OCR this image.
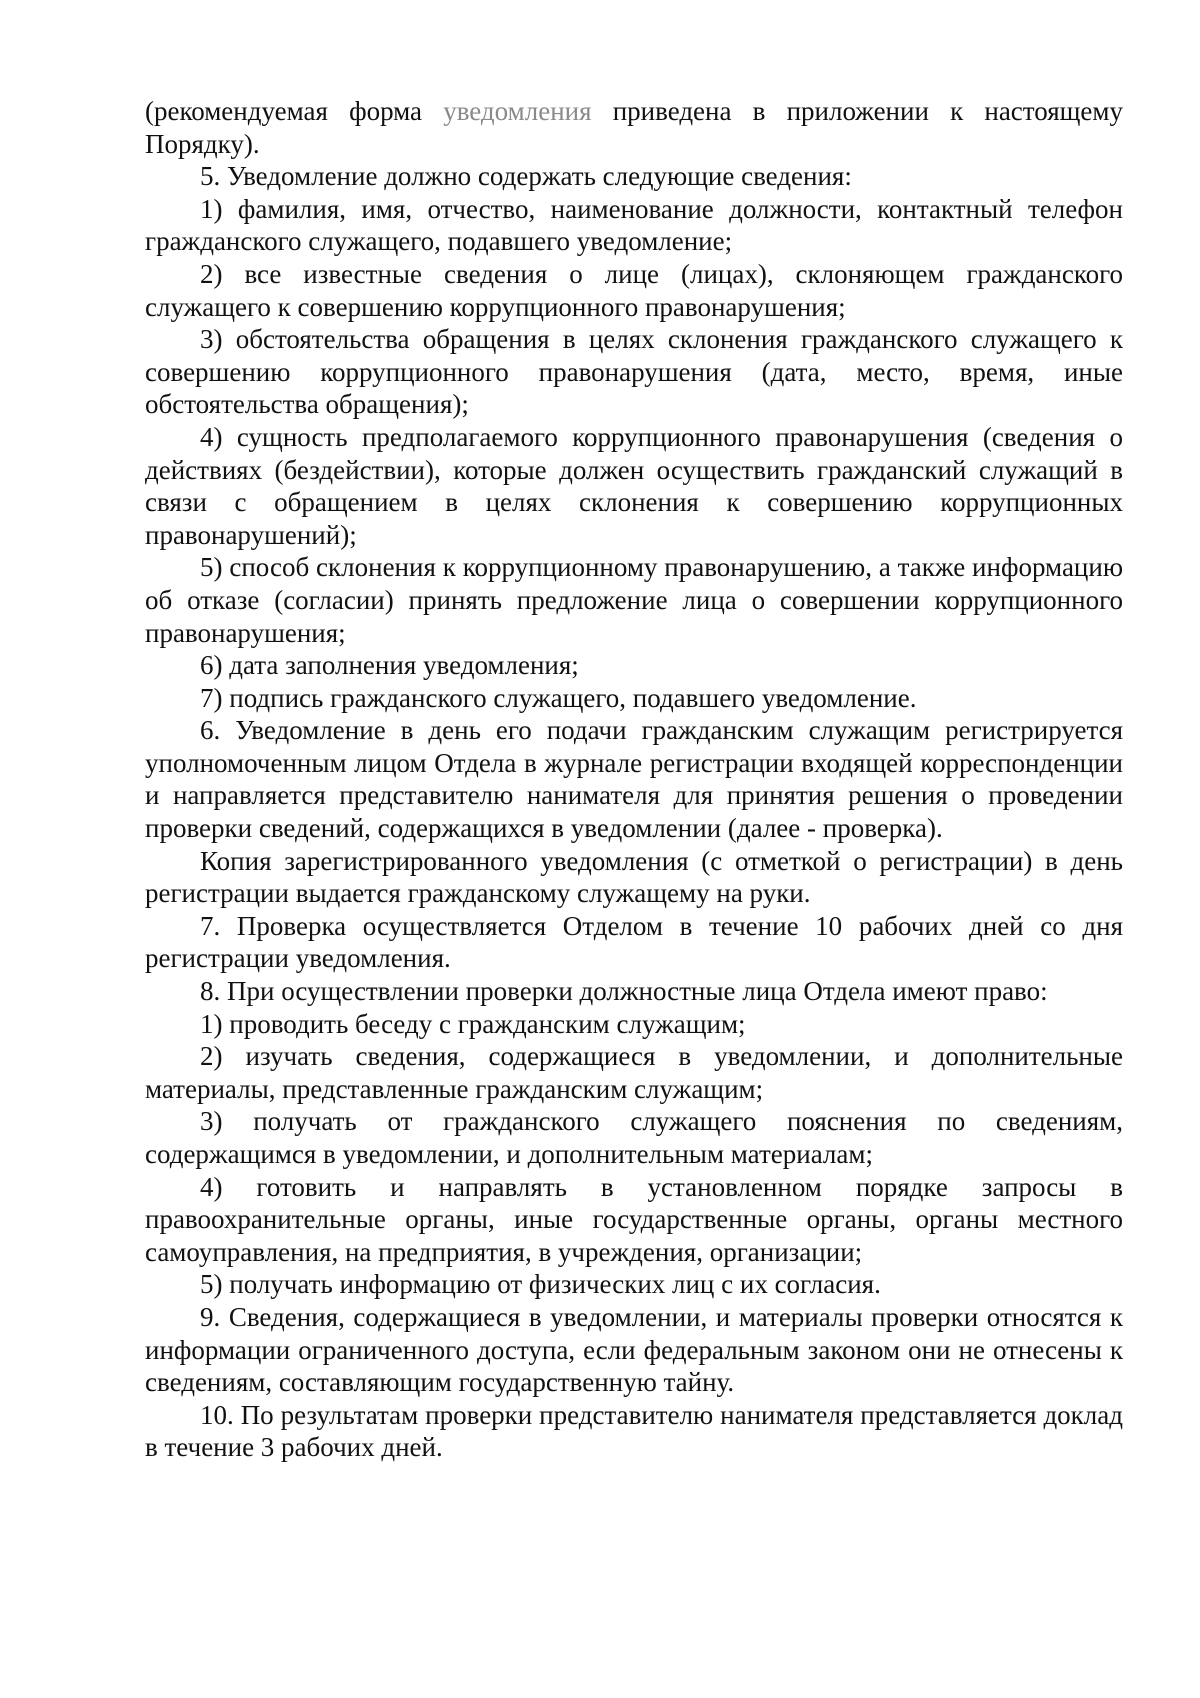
(рекомендуемая форма уведомления приведена в приложении к настоящему Порядку).

5. Уведомление должно содержать следующие сведения:

1) фамилия, имя, отчество, наименование должности, контактный телефон гражданского служащего, подавшего уведомление;

2) все известные сведения о лице (лицах), склоняющем гражданского служащего к совершению коррупционного правонарушения;

3) обстоятельства обращения в целях склонения гражданского служащего к совершению коррупционного правонарушения (дата, место, время, иные обстоятельства обращения);

4) сущность предполагаемого коррупционного правонарушения (сведения о действиях (бездействии), которые должен осуществить гражданский служащий в связи с обращением в целях склонения к совершению коррупционных правонарушений);

5) способ склонения к коррупционному правонарушению, а также информацию об отказе (согласии) принять предложение лица о совершении коррупционного правонарушения;

6) дата заполнения уведомления;

7) подпись гражданского служащего, подавшего уведомление.

6. Уведомление в день его подачи гражданским служащим регистрируется уполномоченным лицом Отдела в журнале регистрации входящей корреспонденции и направляется представителю нанимателя для принятия решения о проведении проверки сведений, содержащихся в уведомлении (далее - проверка).

Копия зарегистрированного уведомления (с отметкой о регистрации) в день регистрации выдается гражданскому служащему на руки.

7. Проверка осуществляется Отделом в течение 10 рабочих дней со дня регистрации уведомления.

8. При осуществлении проверки должностные лица Отдела имеют право:

1) проводить беседу с гражданским служащим;

2) изучать сведения, содержащиеся в уведомлении, и дополнительные материалы, представленные гражданским служащим;

3) получать от гражданского служащего пояснения по сведениям, содержащимся в уведомлении, и дополнительным материалам;

4) готовить и направлять в установленном порядке запросы в правоохранительные органы, иные государственные органы, органы местного самоуправления, на предприятия, в учреждения, организации;

5) получать информацию от физических лиц с их согласия.

9. Сведения, содержащиеся в уведомлении, и материалы проверки относятся к информации ограниченного доступа, если федеральным законом они не отнесены к сведениям, составляющим государственную тайну.

10. По результатам проверки представителю нанимателя представляется доклад в течение 3 рабочих дней.
